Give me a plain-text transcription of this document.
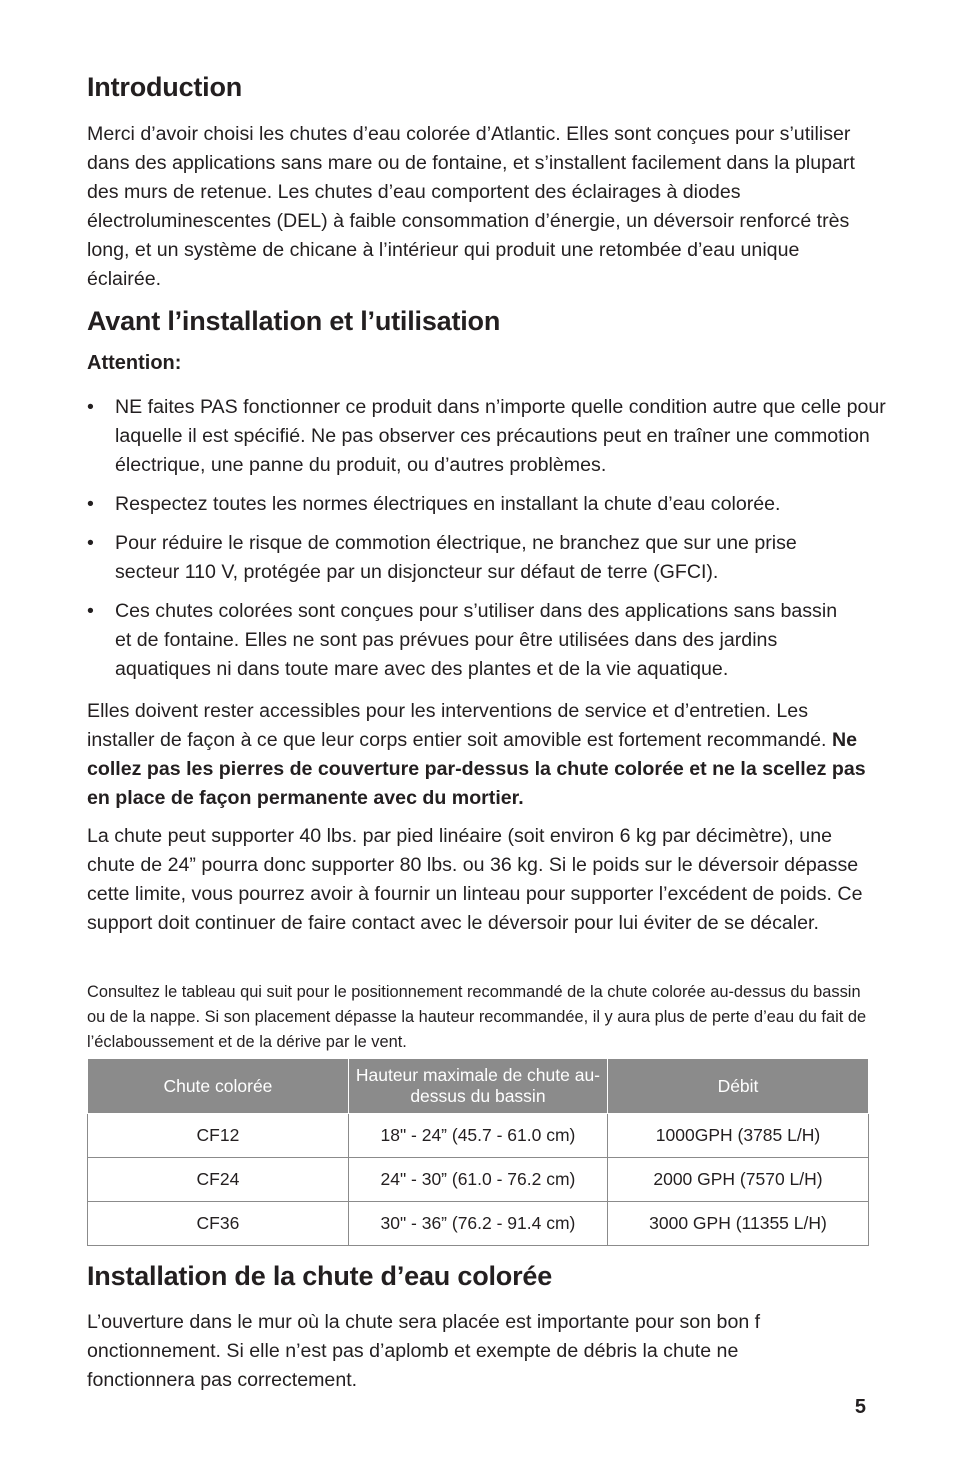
Introduction

Merci d’avoir choisi les chutes d’eau colorée d’Atlantic. Elles sont conçues pour s’utiliser dans des applications sans mare ou de fontaine, et s’installent facilement dans la plupart des murs de retenue. Les chutes d’eau comportent des éclairages à diodes électroluminescentes (DEL) à faible consommation d’énergie, un déversoir renforcé très long, et un système de chicane à l’intérieur qui produit une retombée d’eau unique éclairée.

Avant l’installation et l’utilisation

Attention:

• NE faites PAS fonctionner ce produit dans n’importe quelle condition autre que celle pour laquelle il est spécifié. Ne pas observer ces précautions peut en traîner une commotion électrique, une panne du produit, ou d’autres problèmes.
• Respectez toutes les normes électriques en installant la chute d’eau colorée.
• Pour réduire le risque de commotion électrique, ne branchez que sur une prise secteur 110 V, protégée par un disjoncteur sur défaut de terre (GFCI).
• Ces chutes colorées sont conçues pour s’utiliser dans des applications sans bassin et de fontaine. Elles ne sont pas prévues pour être utilisées dans des jardins aquatiques ni dans toute mare avec des plantes et de la vie aquatique.

Elles doivent rester accessibles pour les interventions de service et d’entretien. Les installer de façon à ce que leur corps entier soit amovible est fortement recommandé. Ne collez pas les pierres de couverture par-dessus la chute colorée et ne la scellez pas en place de façon permanente avec du mortier.

La chute peut supporter 40 lbs. par pied linéaire (soit environ 6 kg par décimètre), une chute de 24” pourra donc supporter 80 lbs. ou 36 kg. Si le poids sur le déversoir dépasse cette limite, vous pourrez avoir à fournir un linteau pour supporter l’excédent de poids. Ce support doit continuer de faire contact avec le déversoir pour lui éviter de se décaler.

Consultez le tableau qui suit pour le positionnement recommandé de la chute colorée au-dessus du bassin ou de la nappe. Si son placement dépasse la hauteur recommandée, il y aura plus de perte d’eau du fait de l’éclaboussement et de la dérive par le vent.

Chute colorée	Hauteur maximale de chute au-dessus du bassin	Débit
CF12	18" - 24” (45.7 - 61.0 cm)	1000GPH (3785 L/H)
CF24	24" - 30” (61.0 - 76.2 cm)	2000 GPH (7570 L/H)
CF36	30" - 36” (76.2 - 91.4 cm)	3000 GPH (11355 L/H)
Installation de la chute d’eau colorée

L’ouverture dans le mur où la chute sera placée est importante pour son bon f onctionnement. Si elle n’est pas d’aplomb et exempte de débris la chute ne fonctionnera pas correctement.

5
